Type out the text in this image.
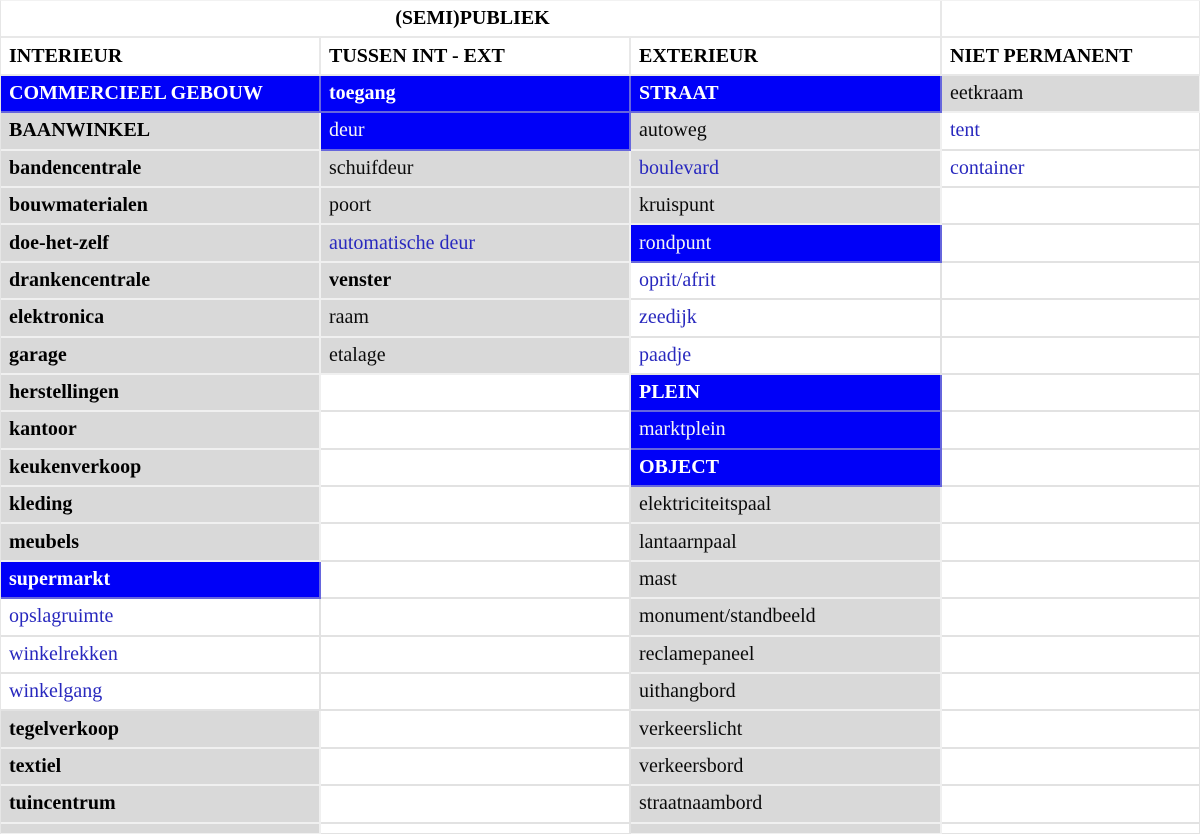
(SEMI)PUBLIEK			
INTERIEUR	TUSSEN INT - EXT	EXTERIEUR	NIET PERMANENT
COMMERCIEEL GEBOUW	toegang	STRAAT	eetkraam
BAANWINKEL	deur	autoweg	tent
bandencentrale	schuifdeur	boulevard	container
bouwmaterialen	poort	kruispunt	
doe-het-zelf	automatische deur	rondpunt	
drankencentrale	venster	oprit/afrit	
elektronica	raam	zeedijk	
garage	etalage	paadje	
herstellingen		PLEIN	
kantoor		marktplein	
keukenverkoop		OBJECT	
kleding		elektriciteitspaal	
meubels		lantaarnpaal	
supermarkt		mast	
opslagruimte		monument/standbeeld	
winkelrekken		reclamepaneel	
winkelgang		uithangbord	
tegelverkoop		verkeerslicht	
textiel		verkeersbord	
tuincentrum		straatnaambord	
